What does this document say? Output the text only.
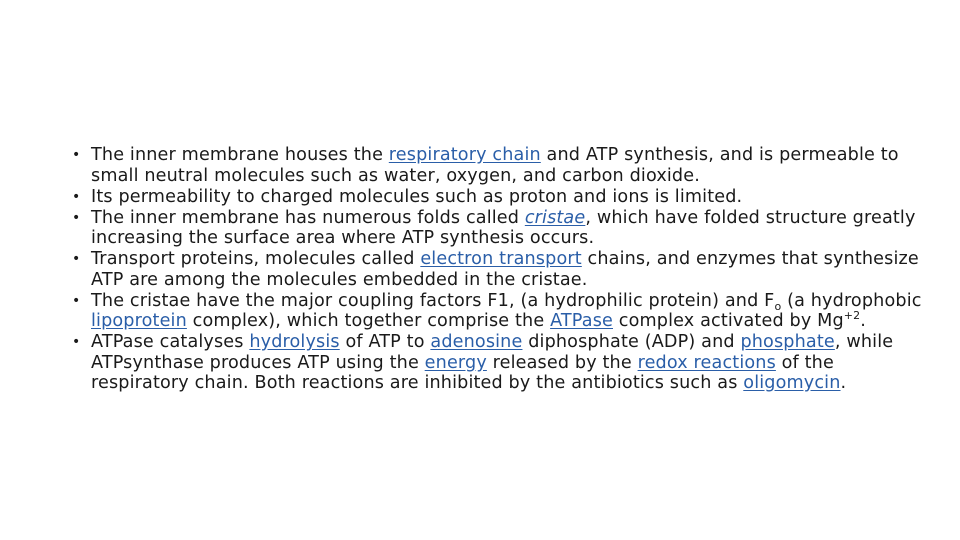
• The inner membrane houses the respiratory chain and ATP synthesis, and is permeable to small neutral molecules such as water, oxygen, and carbon dioxide.
• Its permeability to charged molecules such as proton and ions is limited.
• The inner membrane has numerous folds called cristae, which have folded structure greatly increasing the surface area where ATP synthesis occurs.
• Transport proteins, molecules called electron transport chains, and enzymes that synthesize ATP are among the molecules embedded in the cristae.
• The cristae have the major coupling factors F1, (a hydrophilic protein) and $F_o$ (a hydrophobic lipoprotein complex), which together comprise the ATPase complex activated by $Mg^{+2}$.
• ATPase catalyses hydrolysis of ATP to adenosine diphosphate (ADP) and phosphate, while ATPsynthase produces ATP using the energy released by the redox reactions of the respiratory chain. Both reactions are inhibited by the antibiotics such as oligomycin.
